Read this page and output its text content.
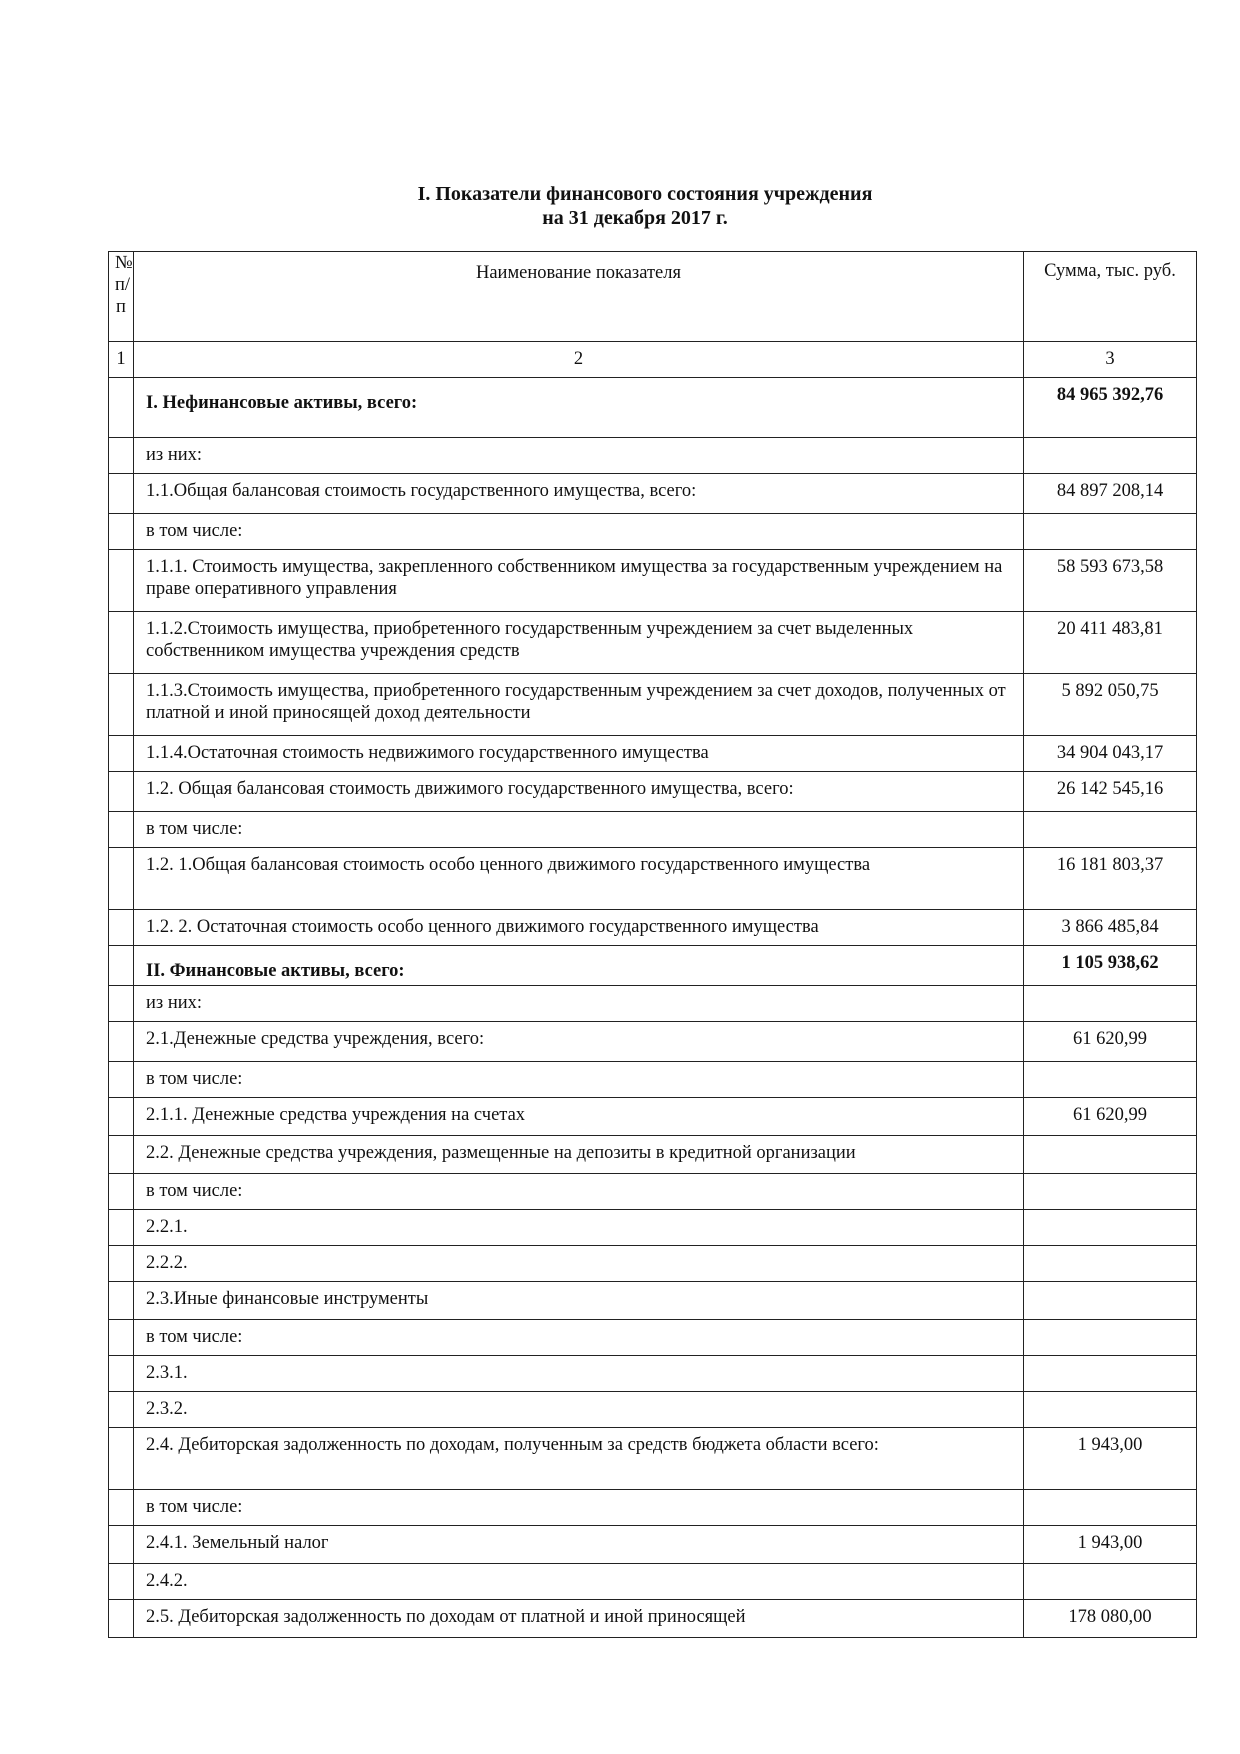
I. Показатели финансового состояния учреждения
на 31 декабря 2017 г.
№ п/п	Наименование показателя	Сумма, тыс. руб.
1	2	3
	I. Нефинансовые активы, всего:	84 965 392,76
	из них:	
	1.1.Общая балансовая стоимость государственного имущества, всего:	84 897 208,14
	в том числе:	
	1.1.1. Стоимость имущества, закрепленного собственником имущества за государственным учреждением на праве оперативного управления	58 593 673,58
	1.1.2.Стоимость имущества, приобретенного государственным учреждением за счет выделенных собственником имущества учреждения средств	20 411 483,81
	1.1.3.Стоимость имущества, приобретенного государственным учреждением за счет доходов, полученных от платной и иной приносящей доход деятельности	5 892 050,75
	1.1.4.Остаточная стоимость недвижимого государственного имущества	34 904 043,17
	1.2. Общая балансовая стоимость движимого государственного имущества, всего:	26 142 545,16
	в том числе:	
	1.2. 1.Общая балансовая стоимость особо ценного движимого государственного имущества	16 181 803,37
	1.2. 2. Остаточная стоимость особо ценного движимого государственного имущества	3 866 485,84
	II. Финансовые активы, всего:	1 105 938,62
	из них:	
	2.1.Денежные средства учреждения, всего:	61 620,99
	в том числе:	
	2.1.1. Денежные средства учреждения на счетах	61 620,99
	2.2. Денежные средства учреждения, размещенные на депозиты в кредитной организации	
	в том числе:	
	2.2.1.	
	2.2.2.	
	2.3.Иные финансовые инструменты	
	в том числе:	
	2.3.1.	
	2.3.2.	
	2.4. Дебиторская задолженность по доходам, полученным за средств бюджета области всего:	1 943,00
	в том числе:	
	2.4.1. Земельный налог	1 943,00
	2.4.2.	
	2.5. Дебиторская задолженность по доходам от платной и иной приносящей	178 080,00
